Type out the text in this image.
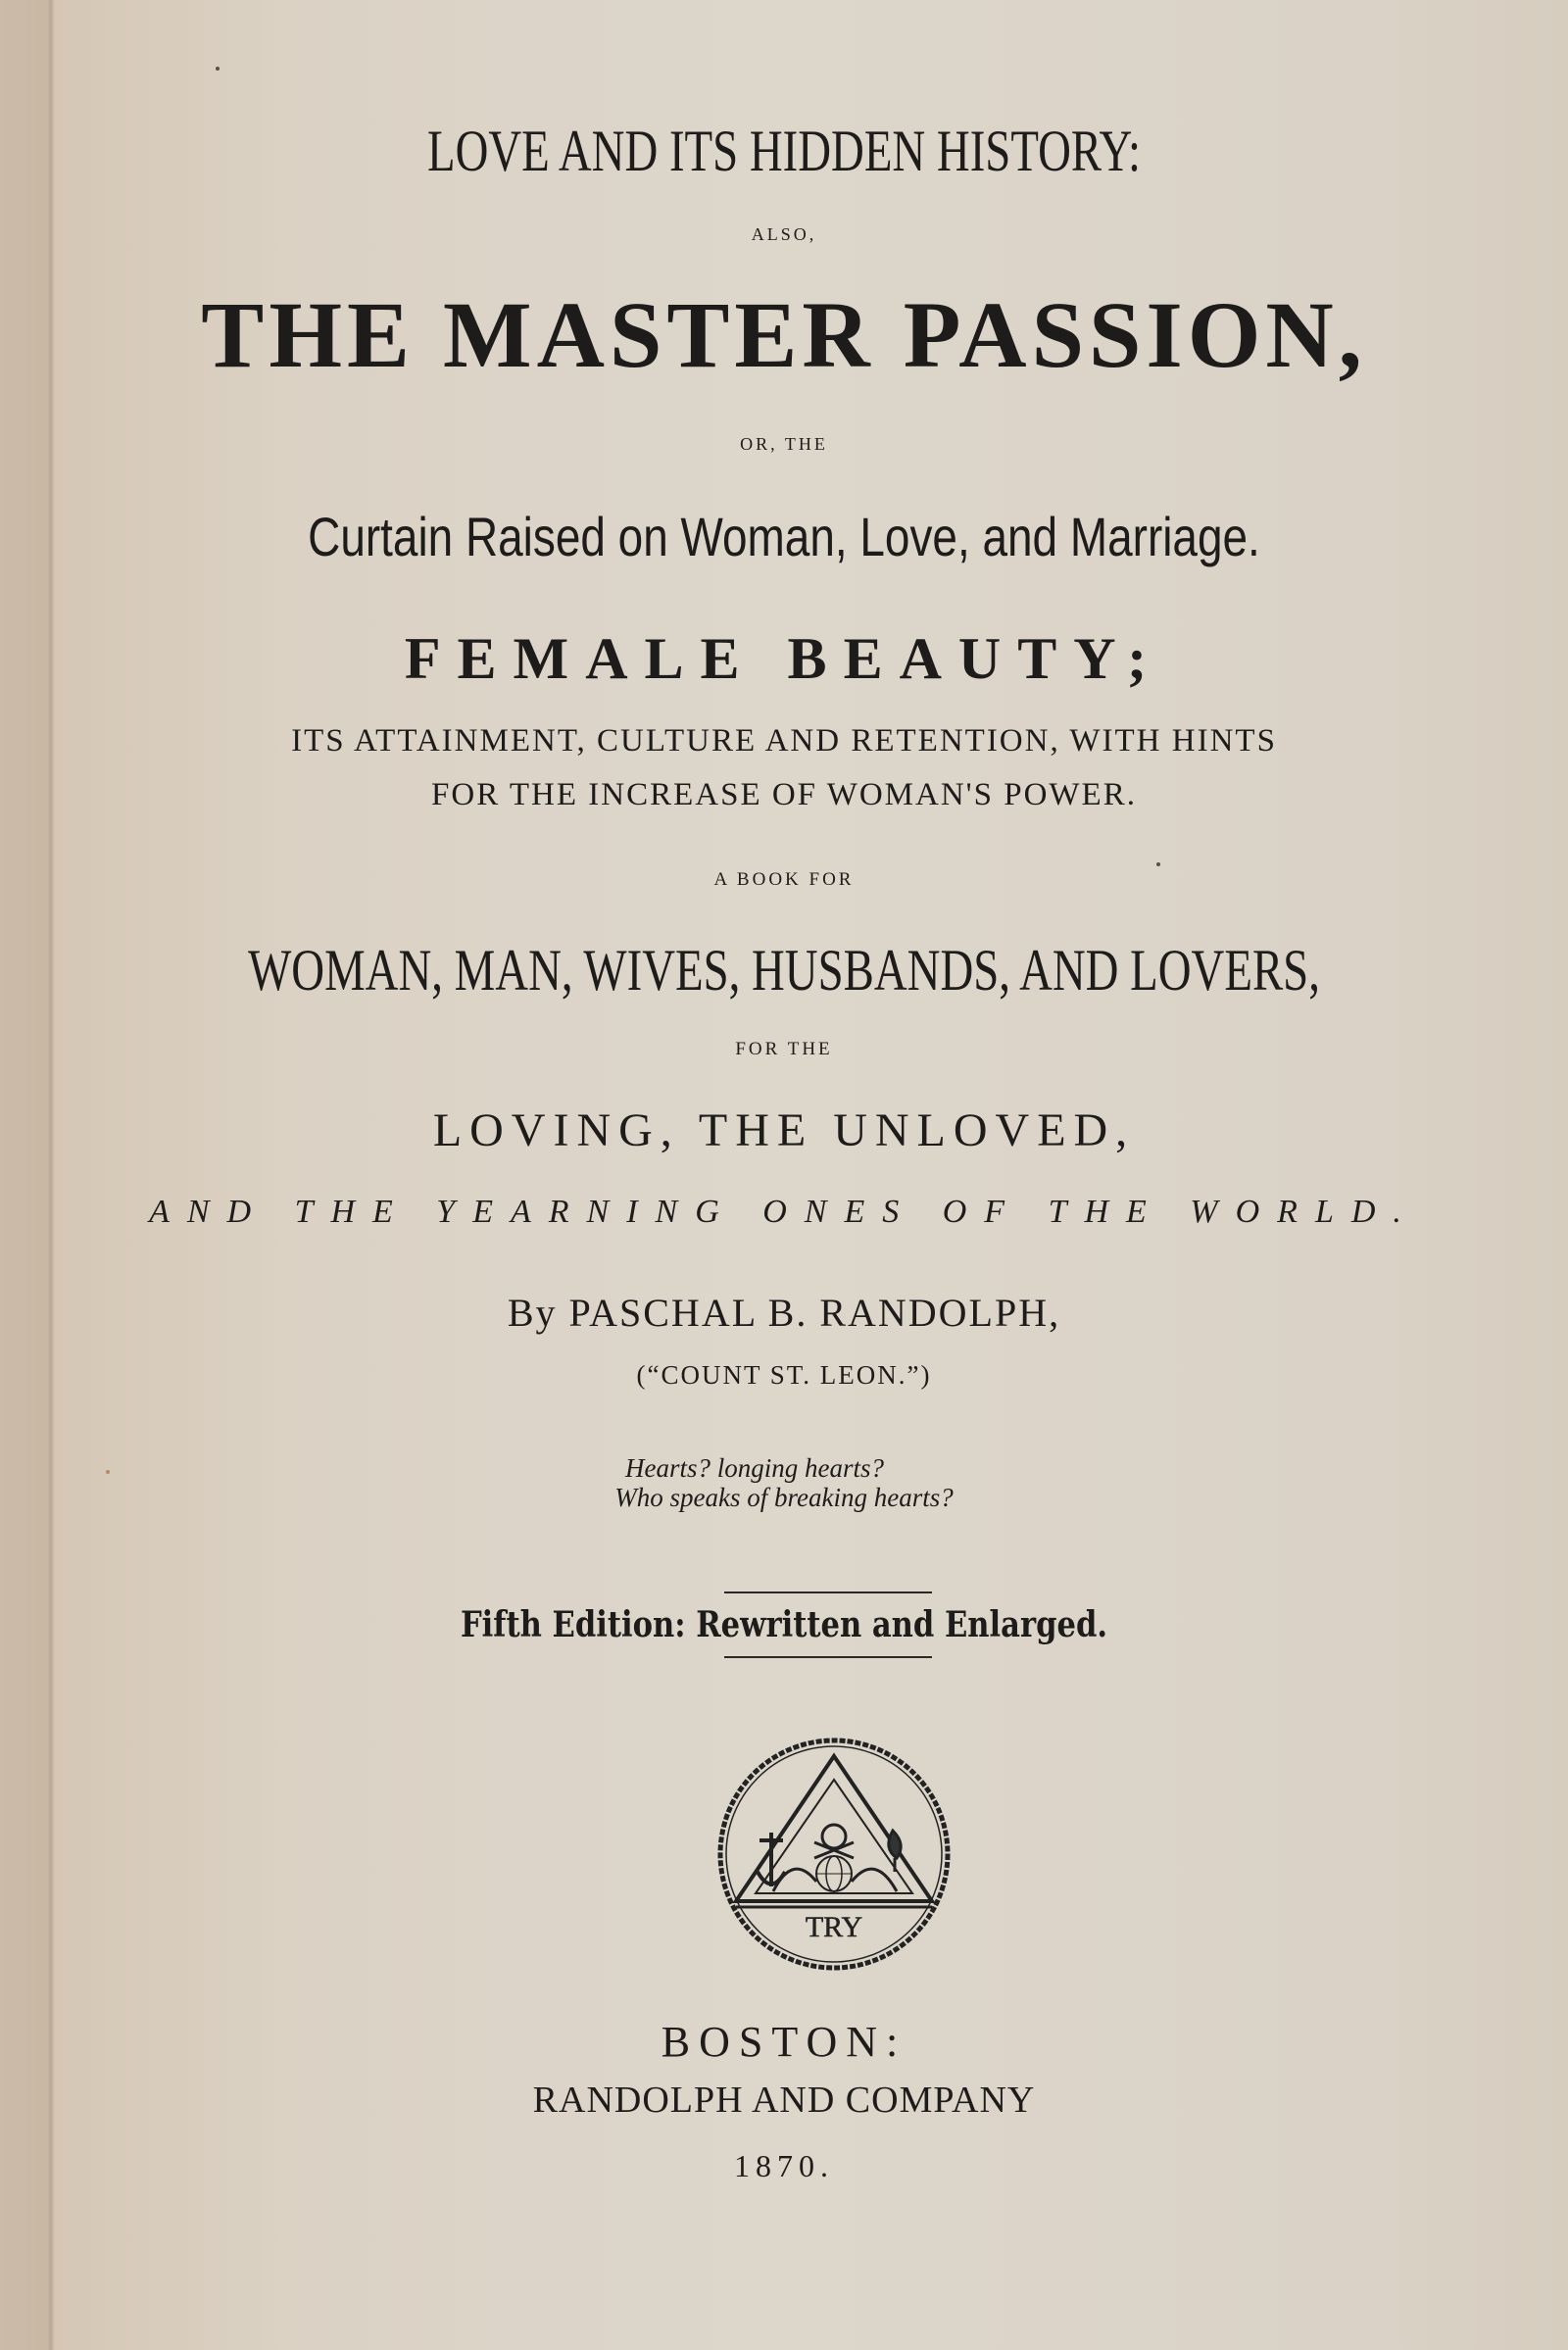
LOVE AND ITS HIDDEN HISTORY:
ALSO,
THE MASTER PASSION,
OR, THE
Curtain Raised on Woman, Love, and Marriage.
FEMALE BEAUTY;
ITS ATTAINMENT, CULTURE AND RETENTION, WITH HINTS
FOR THE INCREASE OF WOMAN'S POWER.
A BOOK FOR
WOMAN, MAN, WIVES, HUSBANDS, AND LOVERS,
FOR THE
LOVING, THE UNLOVED,
AND THE YEARNING ONES OF THE WORLD.
By PASCHAL B. RANDOLPH,
(“COUNT ST. LEON.”)
Hearts? longing hearts?
Who speaks of breaking hearts?
Fifth Edition: Rewritten and Enlarged.
TRY
BOSTON:
RANDOLPH AND COMPANY
1870.
